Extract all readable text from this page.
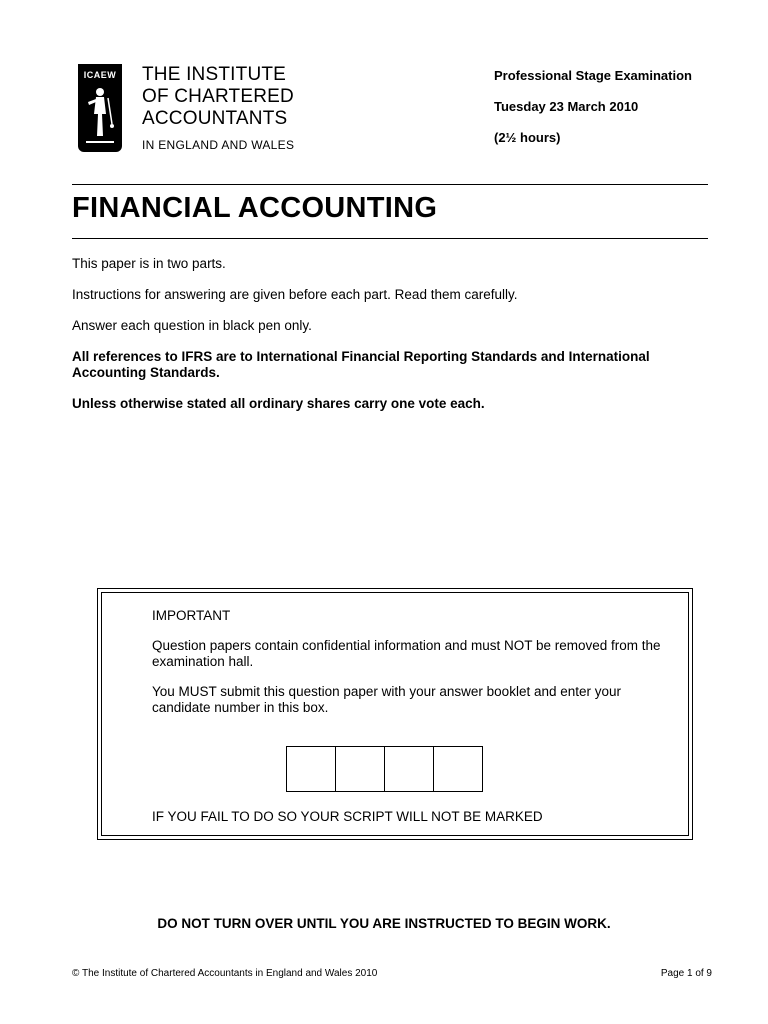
ICAEW	THE INSTITUTE
OF CHARTERED
ACCOUNTANTS
IN ENGLAND AND WALES
Professional Stage Examination
Tuesday 23 March 2010
(2½ hours)
FINANCIAL ACCOUNTING

This paper is in two parts.

Instructions for answering are given before each part. Read them carefully.

Answer each question in black pen only.

All references to IFRS are to International Financial Reporting Standards and International Accounting Standards.

Unless otherwise stated all ordinary shares carry one vote each.

IMPORTANT

Question papers contain confidential information and must NOT be removed from the examination hall.

You MUST submit this question paper with your answer booklet and enter your candidate number in this box.

IF YOU FAIL TO DO SO YOUR SCRIPT WILL NOT BE MARKED
DO NOT TURN OVER UNTIL YOU ARE INSTRUCTED TO BEGIN WORK.
© The Institute of Chartered Accountants in England and Wales 2010	Page 1 of 9
